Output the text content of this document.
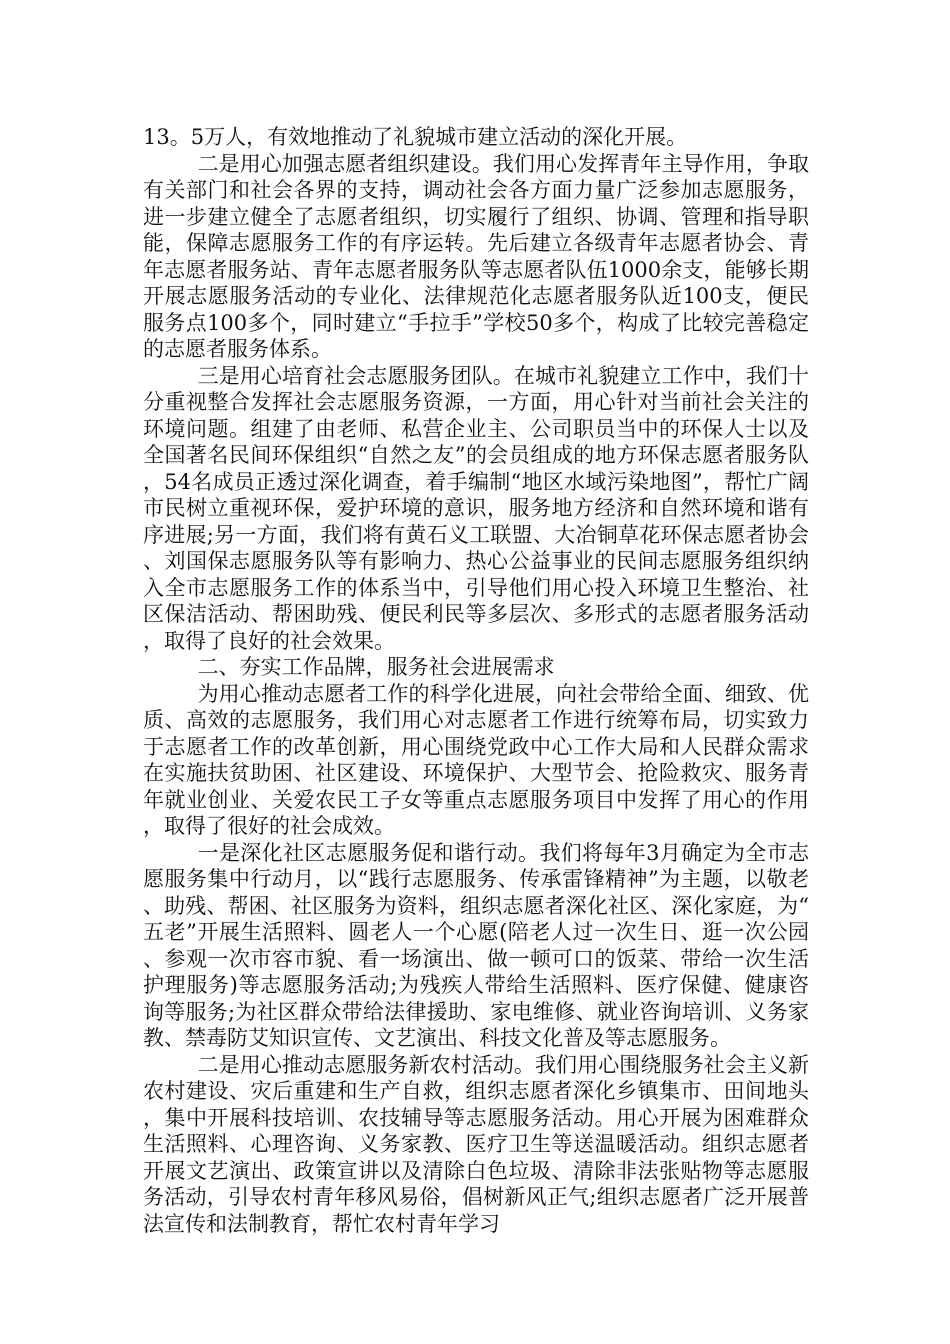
13。5万人，有效地推动了礼貌城市建立活动的深化开展。

二是用心加强志愿者组织建设。我们用心发挥青年主导作用，争取有关部门和社会各界的支持，调动社会各方面力量广泛参加志愿服务，进一步建立健全了志愿者组织，切实履行了组织、协调、管理和指导职能，保障志愿服务工作的有序运转。先后建立各级青年志愿者协会、青年志愿者服务站、青年志愿者服务队等志愿者队伍1000余支，能够长期开展志愿服务活动的专业化、法律规范化志愿者服务队近100支，便民服务点100多个，同时建立“手拉手”学校50多个，构成了比较完善稳定的志愿者服务体系。

三是用心培育社会志愿服务团队。在城市礼貌建立工作中，我们十分重视整合发挥社会志愿服务资源，一方面，用心针对当前社会关注的环境问题。组建了由老师、私营企业主、公司职员当中的环保人士以及全国著名民间环保组织“自然之友”的会员组成的地方环保志愿者服务队，54名成员正透过深化调查，着手编制“地区水域污染地图”，帮忙广阔市民树立重视环保，爱护环境的意识，服务地方经济和自然环境和谐有序进展;另一方面，我们将有黄石义工联盟、大冶铜草花环保志愿者协会、刘国保志愿服务队等有影响力、热心公益事业的民间志愿服务组织纳入全市志愿服务工作的体系当中，引导他们用心投入环境卫生整治、社区保洁活动、帮困助残、便民利民等多层次、多形式的志愿者服务活动，取得了良好的社会效果。

二、夯实工作品牌，服务社会进展需求

为用心推动志愿者工作的科学化进展，向社会带给全面、细致、优质、高效的志愿服务，我们用心对志愿者工作进行统筹布局，切实致力于志愿者工作的改革创新，用心围绕党政中心工作大局和人民群众需求在实施扶贫助困、社区建设、环境保护、大型节会、抢险救灾、服务青年就业创业、关爱农民工子女等重点志愿服务项目中发挥了用心的作用，取得了很好的社会成效。

一是深化社区志愿服务促和谐行动。我们将每年3月确定为全市志愿服务集中行动月，以“践行志愿服务、传承雷锋精神”为主题，以敬老、助残、帮困、社区服务为资料，组织志愿者深化社区、深化家庭，为“五老”开展生活照料、圆老人一个心愿(陪老人过一次生日、逛一次公园、参观一次市容市貌、看一场演出、做一顿可口的饭菜、带给一次生活护理服务)等志愿服务活动;为残疾人带给生活照料、医疗保健、健康咨询等服务;为社区群众带给法律援助、家电维修、就业咨询培训、义务家教、禁毒防艾知识宣传、文艺演出、科技文化普及等志愿服务。

二是用心推动志愿服务新农村活动。我们用心围绕服务社会主义新农村建设、灾后重建和生产自救，组织志愿者深化乡镇集市、田间地头，集中开展科技培训、农技辅导等志愿服务活动。用心开展为困难群众生活照料、心理咨询、义务家教、医疗卫生等送温暖活动。组织志愿者开展文艺演出、政策宣讲以及清除白色垃圾、清除非法张贴物等志愿服务活动，引导农村青年移风易俗，倡树新风正气;组织志愿者广泛开展普法宣传和法制教育，帮忙农村青年学习
